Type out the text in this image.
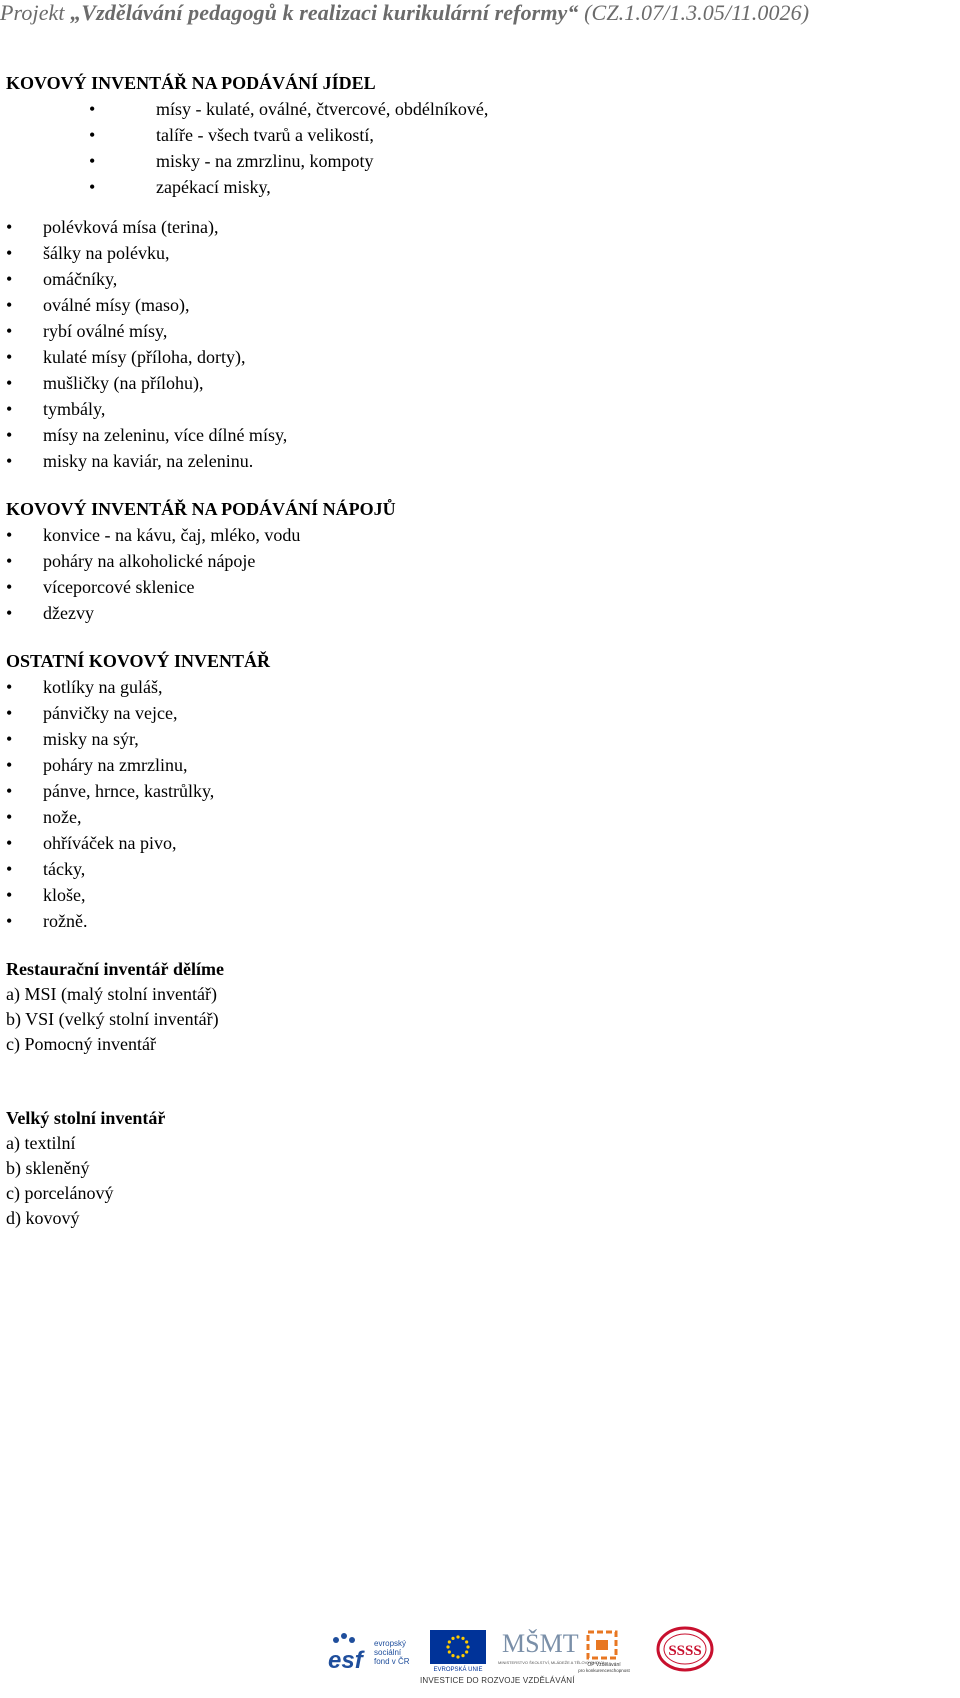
Projekt „Vzdělávání pedagogů k realizaci kurikulární reformy“ (CZ.1.07/1.3.05/11.0026)
KOVOVÝ INVENTÁŘ NA PODÁVÁNÍ JÍDEL
• mísy - kulaté, oválné, čtvercové, obdélníkové,
• talíře - všech tvarů a velikostí,
• misky - na zmrzlinu, kompoty
• zapékací misky,
• polévková mísa (terina),
• šálky na polévku,
• omáčníky,
• oválné mísy (maso),
• rybí oválné mísy,
• kulaté mísy (příloha, dorty),
• mušličky (na přílohu),
• tymbály,
• mísy na zeleninu, více dílné mísy,
• misky na kaviár, na zeleninu.
KOVOVÝ INVENTÁŘ NA PODÁVÁNÍ NÁPOJŮ
• konvice - na kávu, čaj, mléko, vodu
• poháry na alkoholické nápoje
• víceporcové sklenice
• džezvy
OSTATNÍ KOVOVÝ INVENTÁŘ
• kotlíky na guláš,
• pánvičky na vejce,
• misky na sýr,
• poháry na zmrzlinu,
• pánve, hrnce, kastrůlky,
• nože,
• ohříváček na pivo,
• tácky,
• kloše,
• rožně.
Restaurační inventář dělíme
a) MSI (malý stolní inventář)
b) VSI (velký stolní inventář)
c) Pomocný inventář
Velký stolní inventář
a) textilní
b) skleněný
c) porcelánový
d) kovový
esf
evropský
sociální
fond v ČR
EVROPSKÁ UNIE
MŠMT
MINISTERSTVO ŠKOLSTVÍ, MLÁDEŽE A TĚLOVÝCHOVY
OP Vzdělávání
pro konkurenceschopnost
SSSS
INVESTICE DO ROZVOJE VZDĚLÁVÁNÍ
